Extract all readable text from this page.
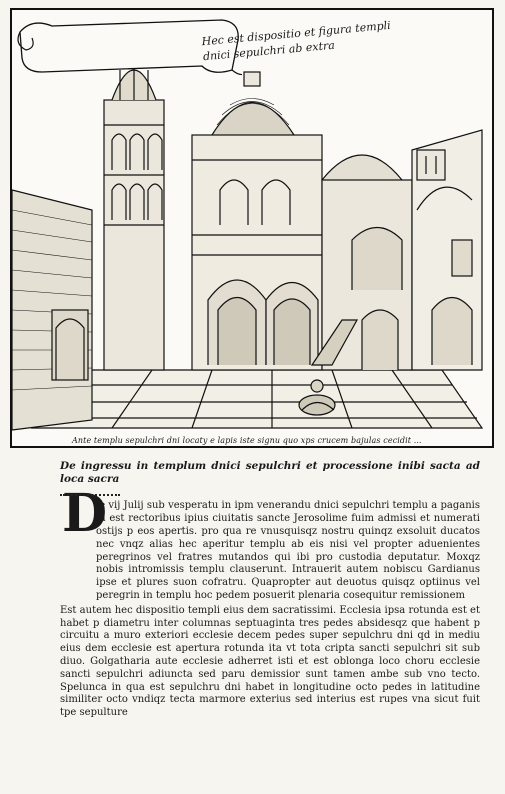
Hec est dispositio et figura templi dnici sepulchri ab extra
Ante templu sepulchri dni locaty e lapis iste signu quo xps crucem bajulas cecidit ...
D

De ingressu in templum dnici sepulchri et processione inibi sacta ad loca sacra

ie vij Julij sub vesperatu in ipm venerandu dnici sepulchri templu a paganis id est rectoribus ipius ciuitatis sancte Jerosolime fuim admissi et numerati ostijs p eos apertis. pro qua re vnusquisqz nostru quinqz exsoluit ducatos nec vnqz alias hec aperitur templu ab eis nisi vel propter aduenientes peregrinos vel fratres mutandos qui ibi pro custodia deputatur. Moxqz nobis intromissis templu clauserunt. Intrauerit autem nobiscu Gardianus ipse et plures suon cofratru. Quapropter aut deuotus quisqz optiinus vel peregrin in templu hoc pedem posuerit plenaria cosequitur remissionem

Est autem hec dispositio templi eius dem sacratissimi. Ecclesia ipsa rotunda est et habet p diametru inter columnas septuaginta tres pedes absidesqz que habent p circuitu a muro exteriori ecclesie decem pedes super sepulchru dni qd in mediu eius dem ecclesie est apertura rotunda ita vt tota cripta sancti sepulchri sit sub diuo. Golgatharia aute ecclesie adherret isti et est oblonga loco choru ecclesie sancti sepulchri adiuncta sed paru demissior sunt tamen ambe sub vno tecto. Spelunca in qua est sepulchru dni habet in longitudine octo pedes in latitudine similiter octo vndiqz tecta marmore exterius sed interius est rupes vna sicut fuit tpe sepulture
